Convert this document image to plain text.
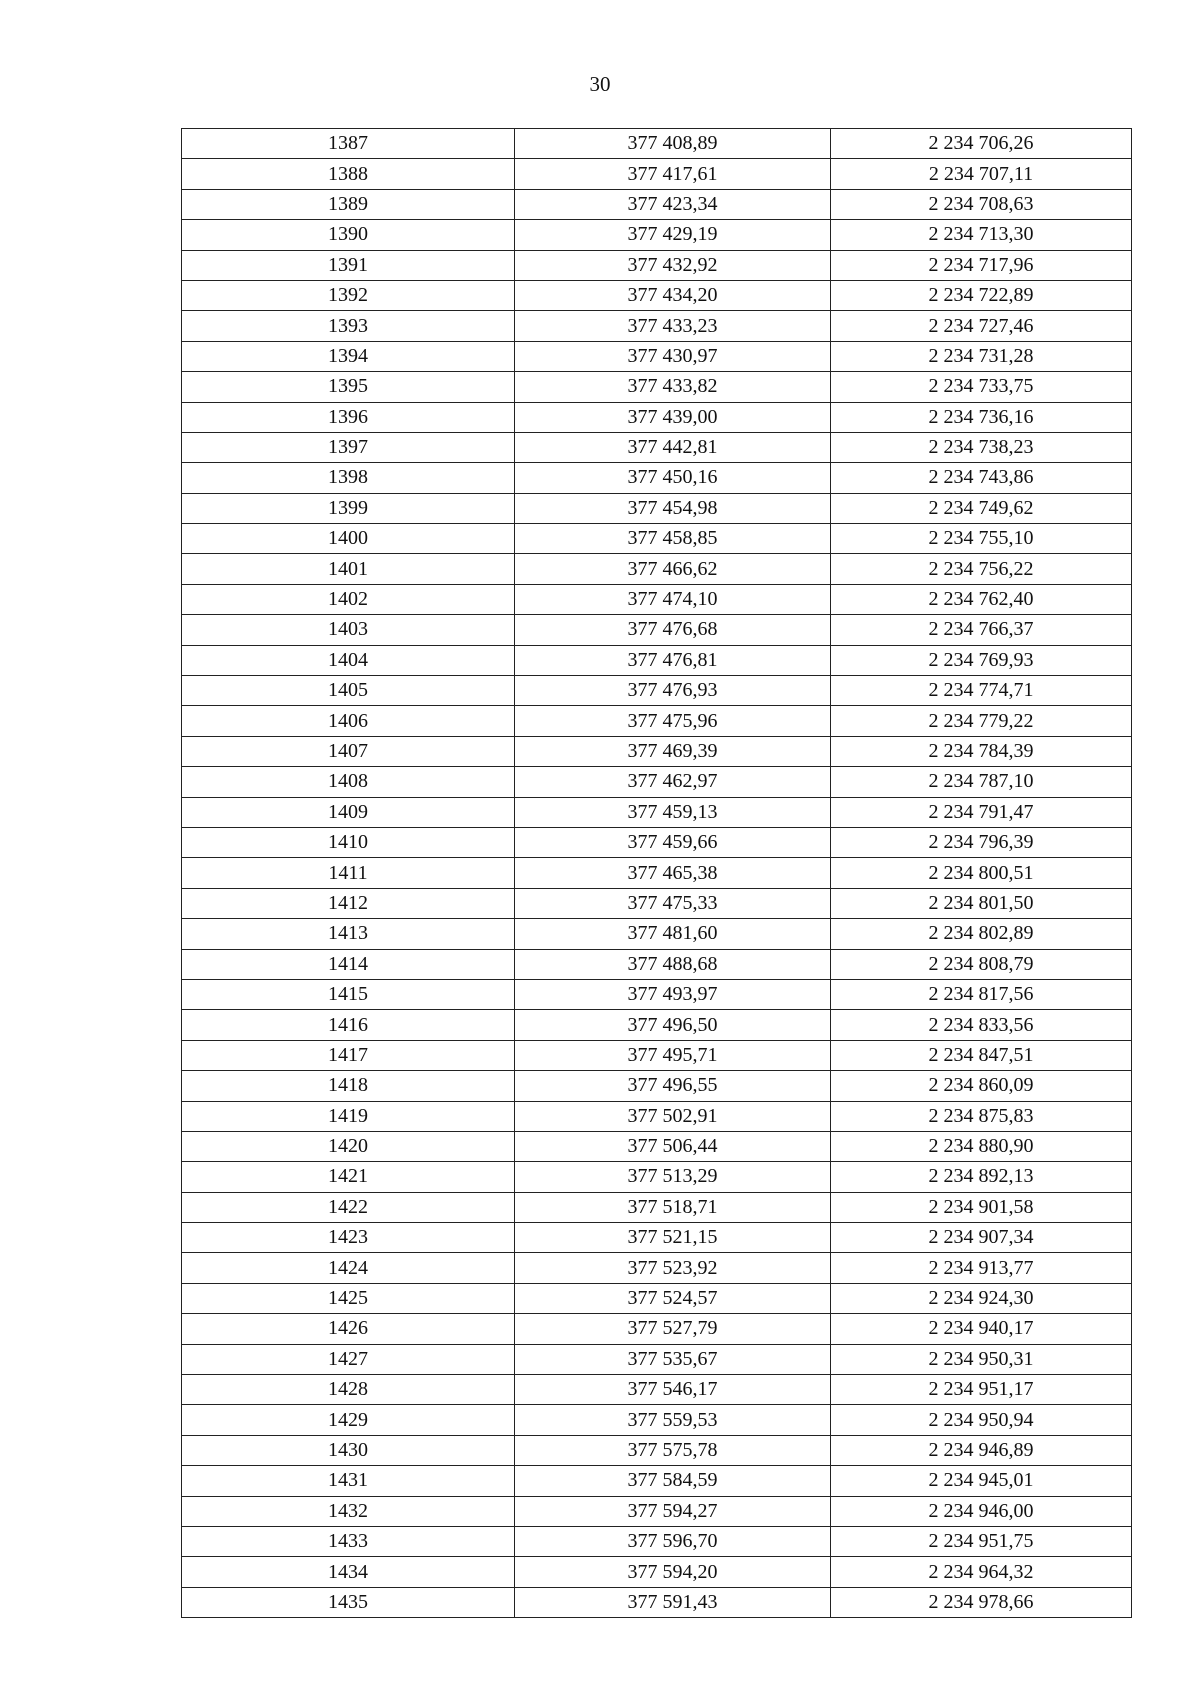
30
1387	377 408,89	2 234 706,26
1388	377 417,61	2 234 707,11
1389	377 423,34	2 234 708,63
1390	377 429,19	2 234 713,30
1391	377 432,92	2 234 717,96
1392	377 434,20	2 234 722,89
1393	377 433,23	2 234 727,46
1394	377 430,97	2 234 731,28
1395	377 433,82	2 234 733,75
1396	377 439,00	2 234 736,16
1397	377 442,81	2 234 738,23
1398	377 450,16	2 234 743,86
1399	377 454,98	2 234 749,62
1400	377 458,85	2 234 755,10
1401	377 466,62	2 234 756,22
1402	377 474,10	2 234 762,40
1403	377 476,68	2 234 766,37
1404	377 476,81	2 234 769,93
1405	377 476,93	2 234 774,71
1406	377 475,96	2 234 779,22
1407	377 469,39	2 234 784,39
1408	377 462,97	2 234 787,10
1409	377 459,13	2 234 791,47
1410	377 459,66	2 234 796,39
1411	377 465,38	2 234 800,51
1412	377 475,33	2 234 801,50
1413	377 481,60	2 234 802,89
1414	377 488,68	2 234 808,79
1415	377 493,97	2 234 817,56
1416	377 496,50	2 234 833,56
1417	377 495,71	2 234 847,51
1418	377 496,55	2 234 860,09
1419	377 502,91	2 234 875,83
1420	377 506,44	2 234 880,90
1421	377 513,29	2 234 892,13
1422	377 518,71	2 234 901,58
1423	377 521,15	2 234 907,34
1424	377 523,92	2 234 913,77
1425	377 524,57	2 234 924,30
1426	377 527,79	2 234 940,17
1427	377 535,67	2 234 950,31
1428	377 546,17	2 234 951,17
1429	377 559,53	2 234 950,94
1430	377 575,78	2 234 946,89
1431	377 584,59	2 234 945,01
1432	377 594,27	2 234 946,00
1433	377 596,70	2 234 951,75
1434	377 594,20	2 234 964,32
1435	377 591,43	2 234 978,66
